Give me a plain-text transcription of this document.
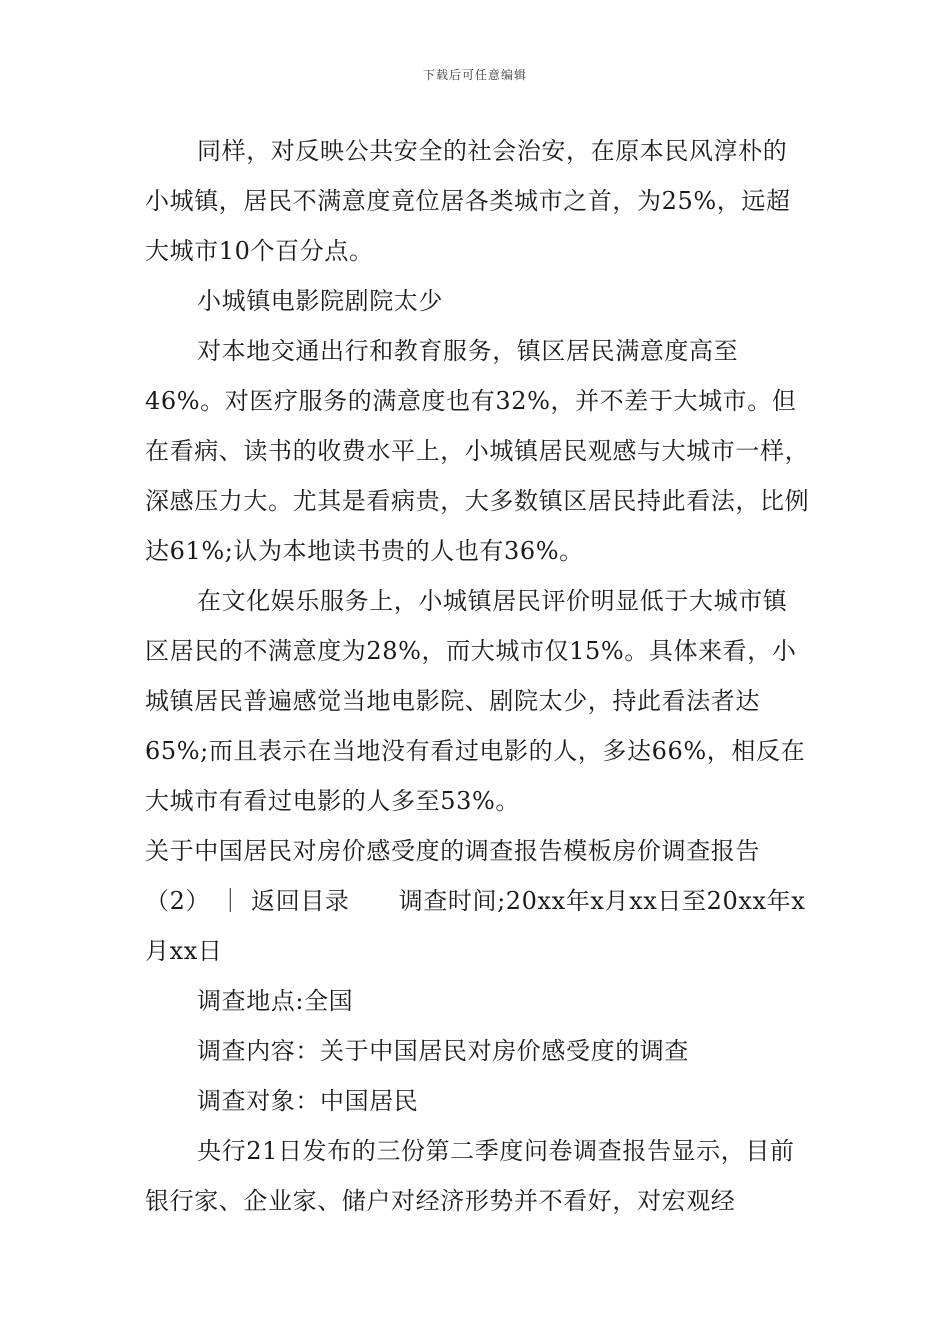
下载后可任意编辑

同样，对反映公共安全的社会治安，在原本民风淳朴的小城镇，居民不满意度竟位居各类城市之首，为25%，远超大城市10个百分点。

小城镇电影院剧院太少

对本地交通出行和教育服务，镇区居民满意度高至46%。对医疗服务的满意度也有32%，并不差于大城市。但在看病、读书的收费水平上，小城镇居民观感与大城市一样，深感压力大。尤其是看病贵，大多数镇区居民持此看法，比例达61%;认为本地读书贵的人也有36%。

在文化娱乐服务上，小城镇居民评价明显低于大城市镇区居民的不满意度为28%，而大城市仅15%。具体来看，小城镇居民普遍感觉当地电影院、剧院太少，持此看法者达65%;而且表示在当地没有看过电影的人，多达66%，相反在大城市有看过电影的人多至53%。

关于中国居民对房价感受度的调查报告模板房价调查报告（2） ｜ 返回目录　　调查时间;20xx年x月xx日至20xx年x月xx日

调查地点:全国

调查内容：关于中国居民对房价感受度的调查

调查对象：中国居民

央行21日发布的三份第二季度问卷调查报告显示，目前银行家、企业家、储户对经济形势并不看好，对宏观经
